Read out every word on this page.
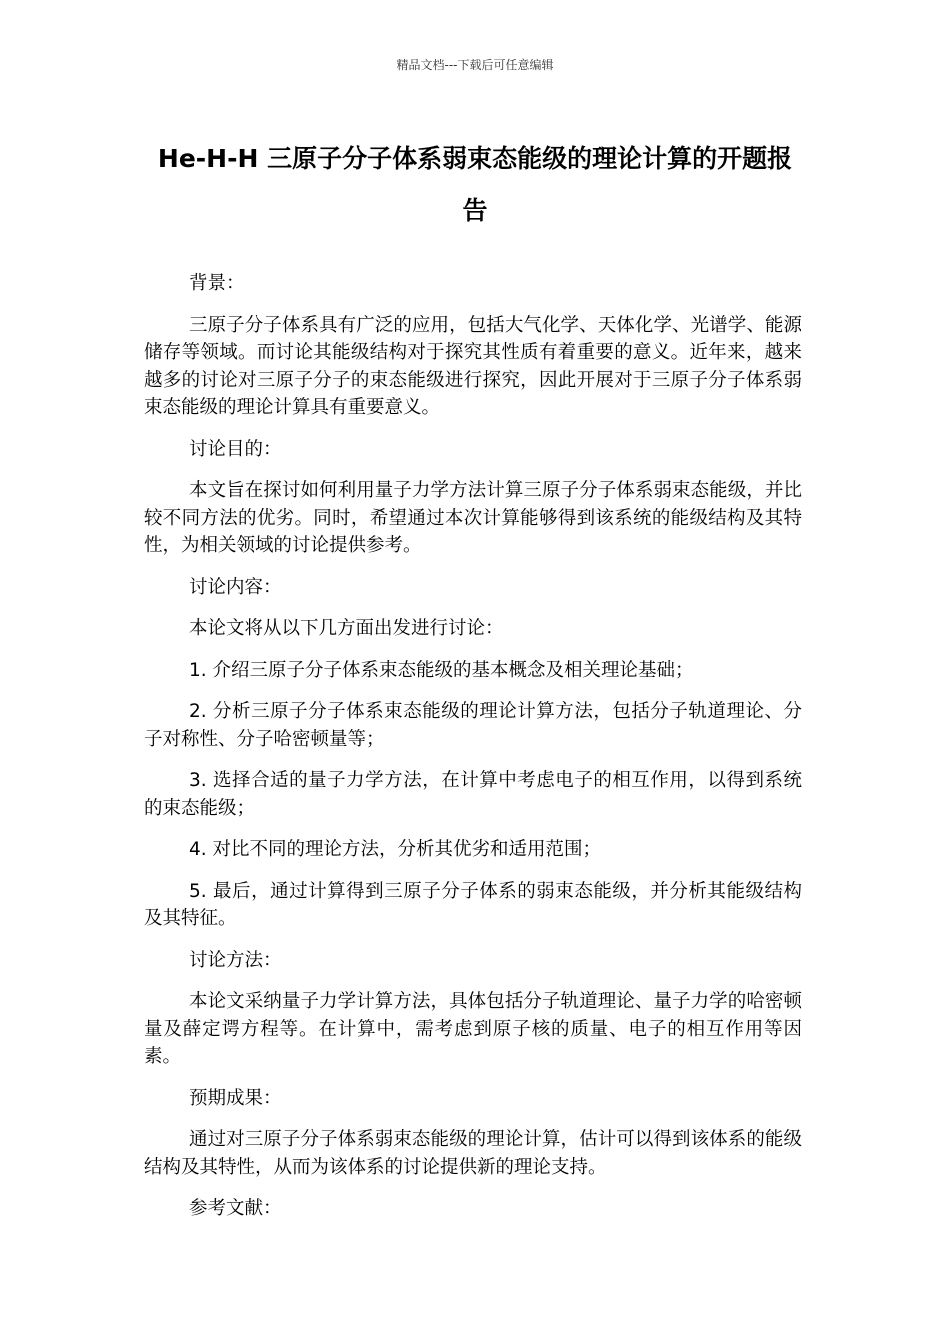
精品文档---下载后可任意编辑
He-H-H 三原子分子体系弱束态能级的理论计算的开题报告

背景：

三原子分子体系具有广泛的应用，包括大气化学、天体化学、光谱学、能源储存等领域。而讨论其能级结构对于探究其性质有着重要的意义。近年来，越来越多的讨论对三原子分子的束态能级进行探究，因此开展对于三原子分子体系弱束态能级的理论计算具有重要意义。

讨论目的：

本文旨在探讨如何利用量子力学方法计算三原子分子体系弱束态能级，并比较不同方法的优劣。同时，希望通过本次计算能够得到该系统的能级结构及其特性，为相关领域的讨论提供参考。

讨论内容：

本论文将从以下几方面出发进行讨论：

1. 介绍三原子分子体系束态能级的基本概念及相关理论基础；

2. 分析三原子分子体系束态能级的理论计算方法，包括分子轨道理论、分子对称性、分子哈密顿量等；

3. 选择合适的量子力学方法，在计算中考虑电子的相互作用，以得到系统的束态能级；

4. 对比不同的理论方法，分析其优劣和适用范围；

5. 最后，通过计算得到三原子分子体系的弱束态能级，并分析其能级结构及其特征。

讨论方法：

本论文采纳量子力学计算方法，具体包括分子轨道理论、量子力学的哈密顿量及薛定谔方程等。在计算中，需考虑到原子核的质量、电子的相互作用等因素。

预期成果：

通过对三原子分子体系弱束态能级的理论计算，估计可以得到该体系的能级结构及其特性，从而为该体系的讨论提供新的理论支持。

参考文献：
